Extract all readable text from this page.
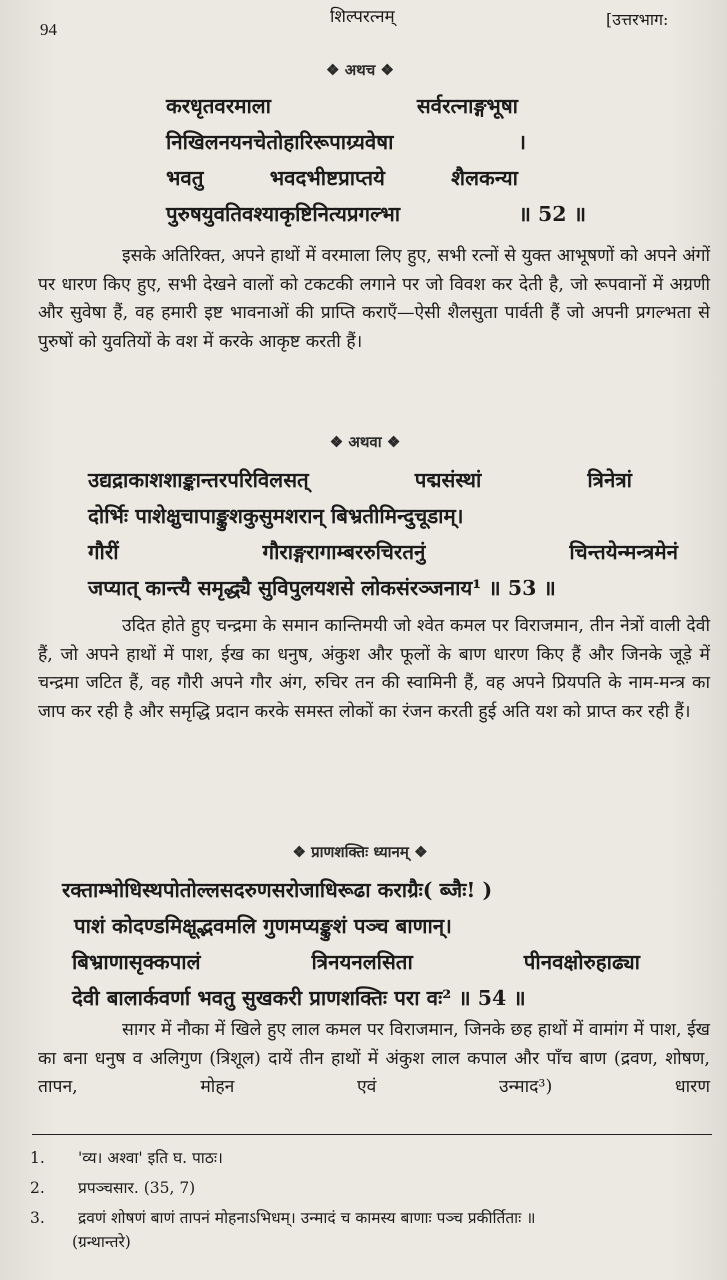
94
शिल्परत्नम्	[उत्तरभाग:
❖ अथच ❖
करधृतवरमाला	सर्वरत्नाङ्गभूषा
निखिलनयनचेतोहारिरूपाग्र्यवेषा	।
भवतु	भवदभीष्टप्राप्तये	शैलकन्या
पुरुषयुवतिवश्याकृष्टिनित्यप्रगल्भा	॥ 52 ॥
इसके अतिरिक्त, अपने हाथों में वरमाला लिए हुए, सभी रत्नों से युक्त आभूषणों को अपने अंगों पर धारण किए हुए, सभी देखने वालों को टकटकी लगाने पर जो विवश कर देती है, जो रूपवानों में अग्रणी और सुवेषा हैं, वह हमारी इष्ट भावनाओं की प्राप्ति कराएँ—ऐसी शैलसुता पार्वती हैं जो अपनी प्रगल्भता से पुरुषों को युवतियों के वश में करके आकृष्ट करती हैं।
❖ अथवा ❖
उद्यद्राकाशशाङ्कान्तरपरिविलसत्	पद्मसंस्थां	त्रिनेत्रां
दोर्भिः पाशेक्षुचापाङ्कुशकुसुमशरान् बिभ्रतीमिन्दुचूडाम्।
गौरीं	गौराङ्गरागाम्बररुचिरतनुं	चिन्तयेन्मन्त्रमेनं
जप्यात् कान्त्यै समृद्ध्यै सुविपुलयशसे लोकसंरञ्जनाय¹ ॥ 53 ॥
उदित होते हुए चन्द्रमा के समान कान्तिमयी जो श्वेत कमल पर विराजमान, तीन नेत्रों वाली देवी हैं, जो अपने हाथों में पाश, ईख का धनुष, अंकुश और फूलों के बाण धारण किए हैं और जिनके जूड़े में चन्द्रमा जटित हैं, वह गौरी अपने गौर अंग, रुचिर तन की स्वामिनी हैं, वह अपने प्रियपति के नाम-मन्त्र का जाप कर रही है और समृद्धि प्रदान करके समस्त लोकों का रंजन करती हुई अति यश को प्राप्त कर रही हैं।
❖ प्राणशक्तिः ध्यानम् ❖
रक्ताम्भोधिस्थपोतोल्लसदरुणसरोजाधिरूढा कराग्रैः( ब्जैः! )
पाशं कोदण्डमिक्षूद्भवमलि गुणमप्यङ्कुशं पञ्च बाणान्।
बिभ्राणासृक्कपालं	त्रिनयनलसिता	पीनवक्षोरुहाढ्या
देवी बालार्कवर्णा भवतु सुखकरी प्राणशक्तिः परा वः² ॥ 54 ॥
सागर में नौका में खिले हुए लाल कमल पर विराजमान, जिनके छह हाथों में वामांग में पाश, ईख का बना धनुष व अलिगुण (त्रिशूल) दायें तीन हाथों में अंकुश लाल कपाल और पाँच बाण (द्रवण, शोषण, तापन, मोहन एवं उन्माद³) धारण
1. 'व्य। अश्वा' इति घ. पाठः।
2. प्रपञ्चसार. (35, 7)
3. द्रवणं शोषणं बाणं तापनं मोहनाऽभिधम्। उन्मादं च कामस्य बाणाः पञ्च प्रकीर्तिताः ॥
(ग्रन्थान्तरे)
